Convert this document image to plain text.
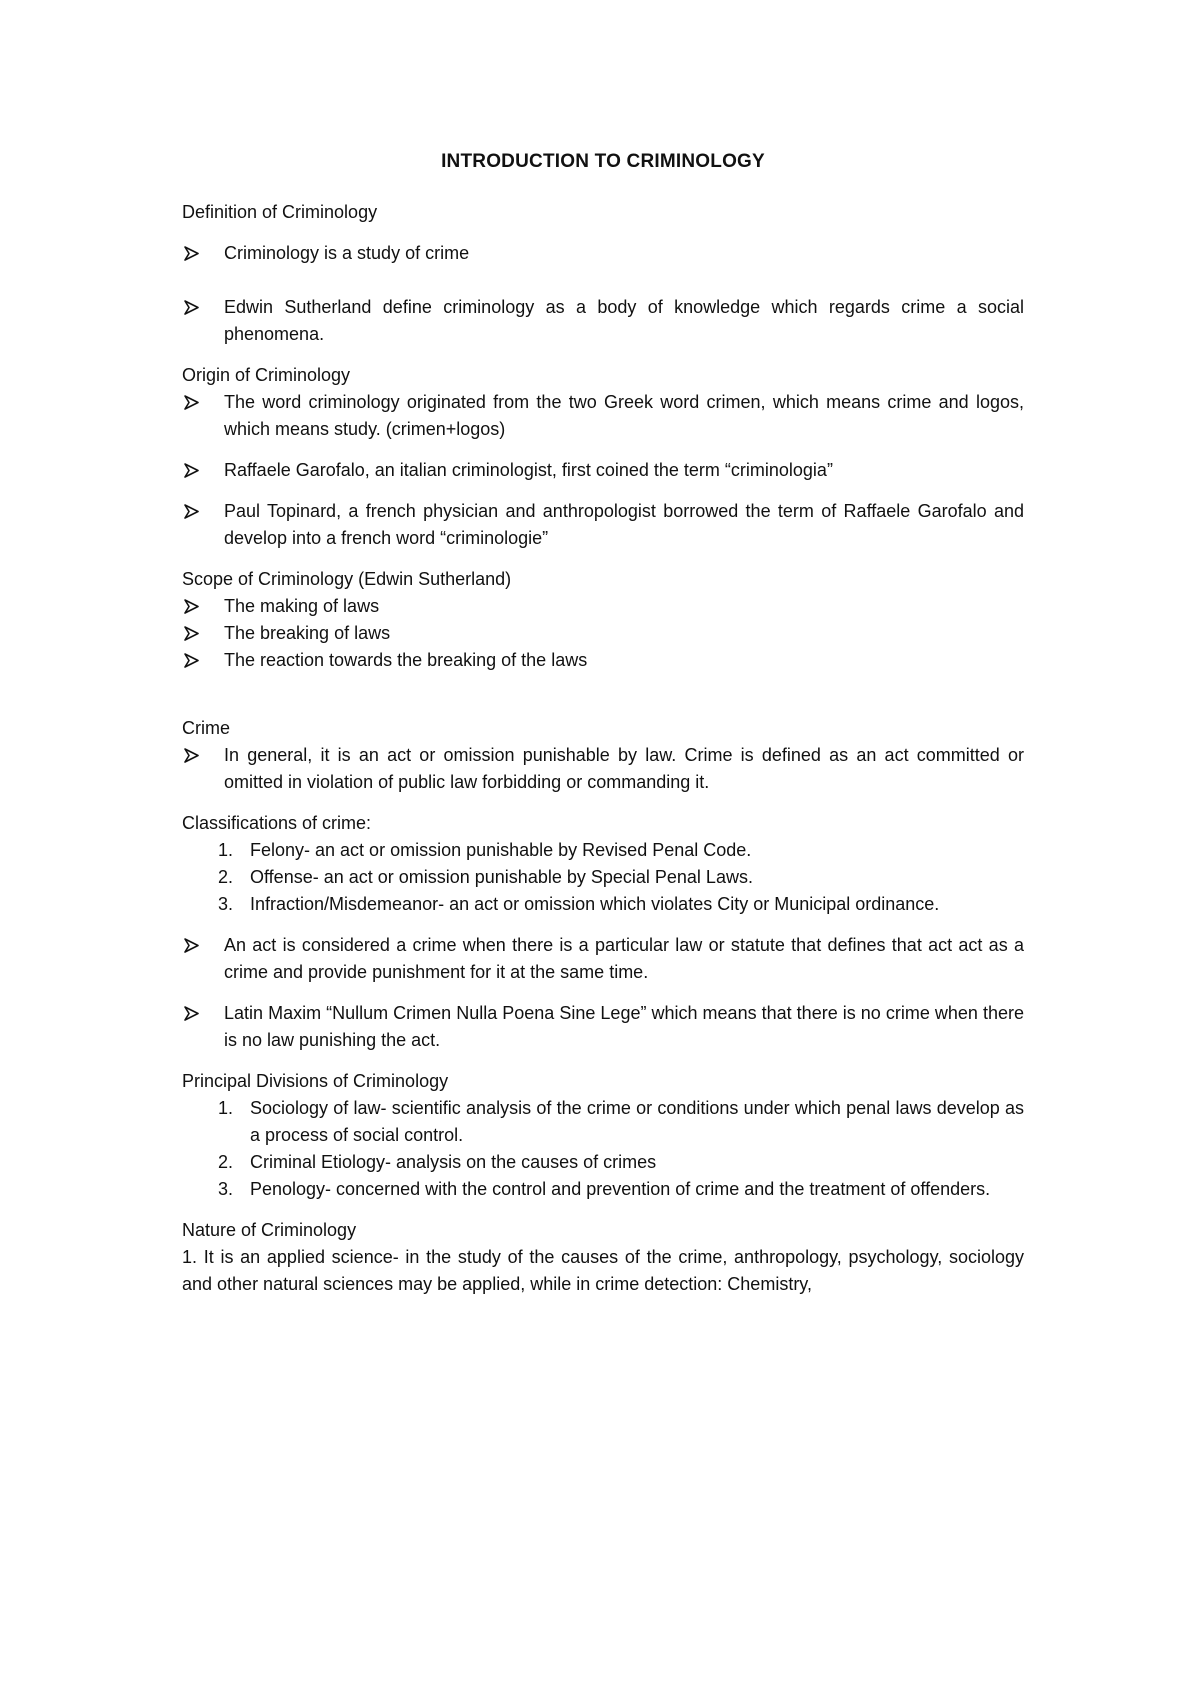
INTRODUCTION TO CRIMINOLOGY
Definition of Criminology
Criminology is a study of crime
Edwin Sutherland define criminology as a body of knowledge which regards crime a social phenomena.
Origin of Criminology
The word criminology originated from the two Greek word crimen, which means crime and logos, which means study. (crimen+logos)
Raffaele Garofalo, an italian criminologist, first coined the term “criminologia”
Paul Topinard, a french physician and anthropologist borrowed the term of Raffaele Garofalo and develop into a french word “criminologie”
Scope of Criminology (Edwin Sutherland)
The making of laws
The breaking of laws
The reaction towards the breaking of the laws
Crime
In general, it is an act or omission punishable by law. Crime is defined as an act committed or omitted in violation of public law forbidding or commanding it.
Classifications of crime:
1. Felony- an act or omission punishable by Revised Penal Code.
2. Offense- an act or omission punishable by Special Penal Laws.
3. Infraction/Misdemeanor- an act or omission which violates City or Municipal ordinance.
An act is considered a crime when there is a particular law or statute that defines that act act as a crime and provide punishment for it at the same time.
Latin Maxim “Nullum Crimen Nulla Poena Sine Lege” which means that there is no crime when there is no law punishing the act.
Principal Divisions of Criminology
1. Sociology of law- scientific analysis of the crime or conditions under which penal laws develop as a process of social control.
2. Criminal Etiology- analysis on the causes of crimes
3. Penology- concerned with the control and prevention of crime and the treatment of offenders.
Nature of Criminology
1. It is an applied science- in the study of the causes of the crime, anthropology, psychology, sociology and other natural sciences may be applied, while in crime detection: Chemistry,
